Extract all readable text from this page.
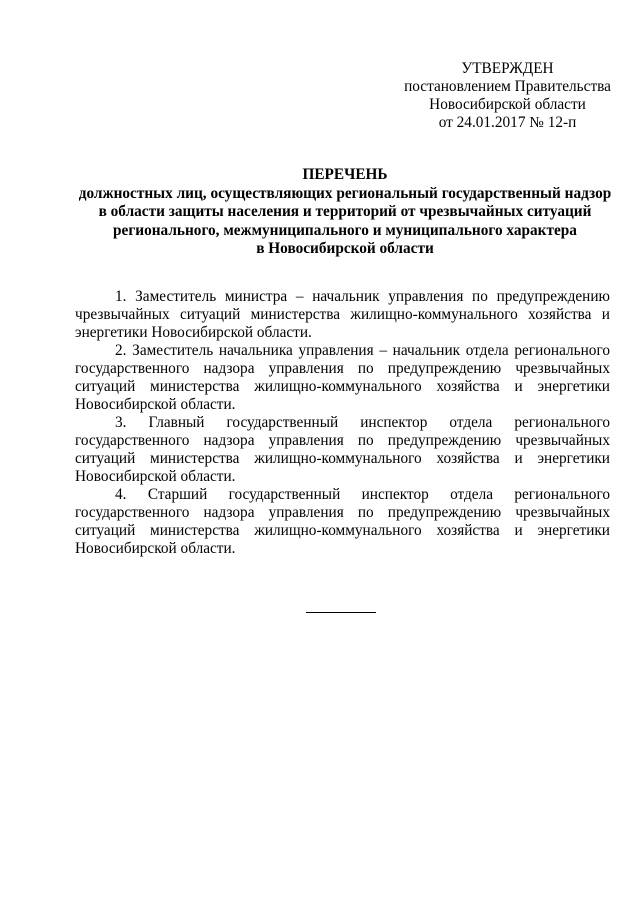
УТВЕРЖДЕН
постановлением Правительства
Новосибирской области
от 24.01.2017 № 12-п
ПЕРЕЧЕНЬ
должностных лиц, осуществляющих региональный государственный надзор
в области защиты населения и территорий от чрезвычайных ситуаций
регионального, межмуниципального и муниципального характера
в Новосибирской области

1. Заместитель министра – начальник управления по предупреждению чрезвычайных ситуаций министерства жилищно-коммунального хозяйства и энергетики Новосибирской области.

2. Заместитель начальника управления – начальник отдела регионального государственного надзора управления по предупреждению чрезвычайных ситуаций министерства жилищно-коммунального хозяйства и энергетики Новосибирской области.

3. Главный государственный инспектор отдела регионального государственного надзора управления по предупреждению чрезвычайных ситуаций министерства жилищно-коммунального хозяйства и энергетики Новосибирской области.

4. Старший государственный инспектор отдела регионального государственного надзора управления по предупреждению чрезвычайных ситуаций министерства жилищно-коммунального хозяйства и энергетики Новосибирской области.
